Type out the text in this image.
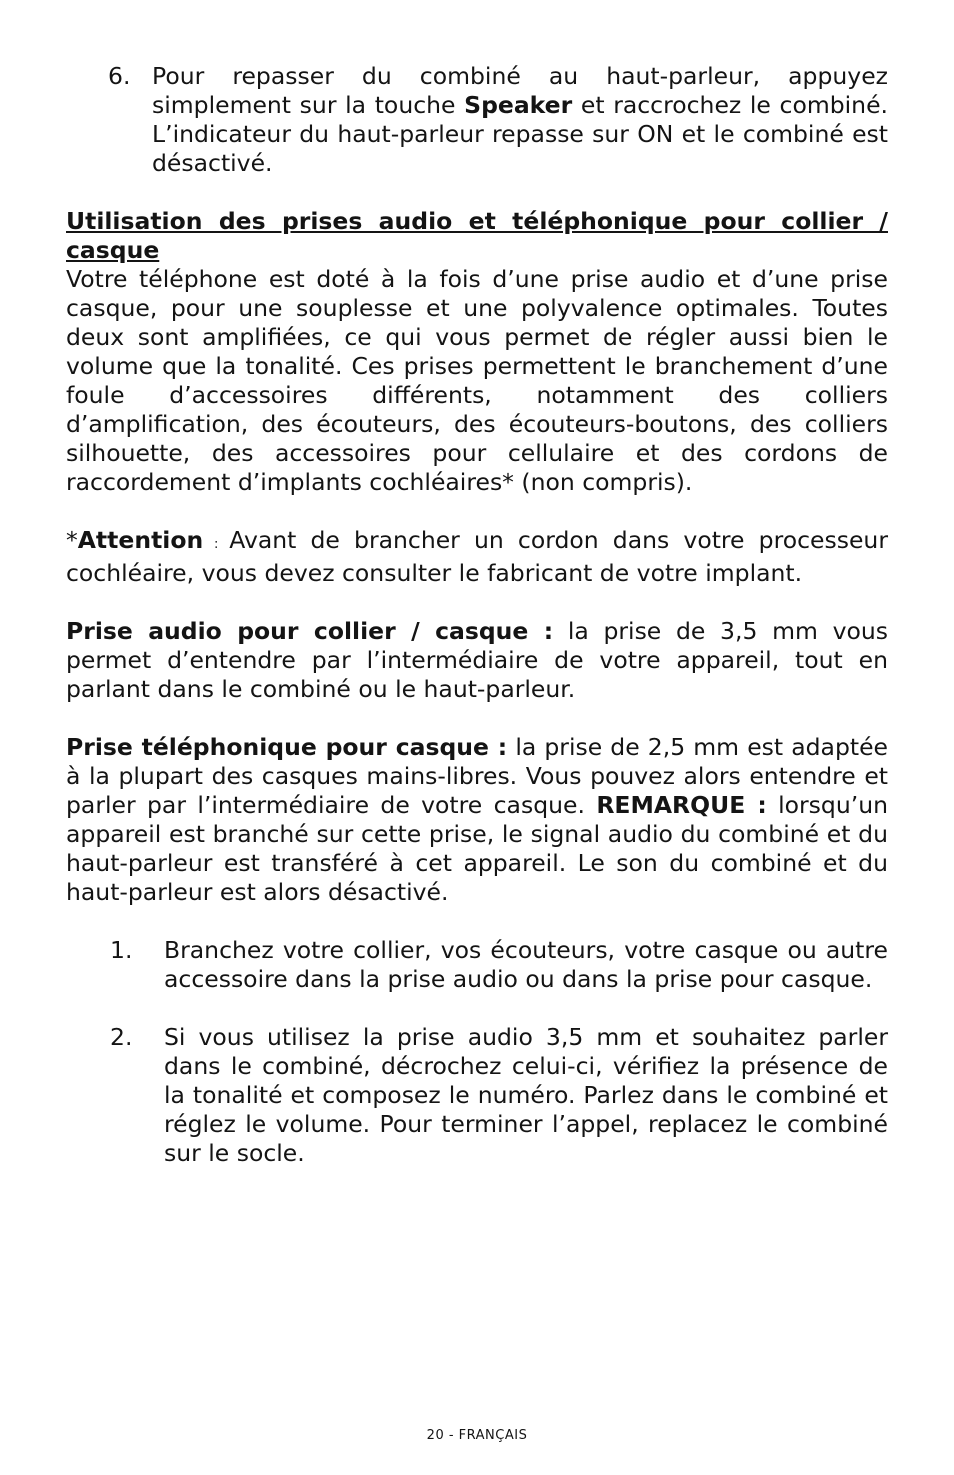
6. Pour repasser du combiné au haut-parleur, appuyez simplement sur la touche Speaker et raccrochez le combiné. L’indicateur du haut-parleur repasse sur ON et le combiné est désactivé.
Utilisation des prises audio et téléphonique pour collier / casque

Votre téléphone est doté à la fois d’une prise audio et d’une prise casque, pour une souplesse et une polyvalence optimales. Toutes deux sont amplifiées, ce qui vous permet de régler aussi bien le volume que la tonalité. Ces prises permettent le branchement d’une foule d’accessoires différents, notamment des colliers d’amplification, des écouteurs, des écouteurs-boutons, des colliers silhouette, des accessoires pour cellulaire et des cordons de raccordement d’implants cochléaires* (non compris).

*Attention : Avant de brancher un cordon dans votre processeur cochléaire, vous devez consulter le fabricant de votre implant.

Prise audio pour collier / casque : la prise de 3,5 mm vous permet d’entendre par l’intermédiaire de votre appareil, tout en parlant dans le combiné ou le haut-parleur.

Prise téléphonique pour casque : la prise de 2,5 mm est adaptée à la plupart des casques mains-libres. Vous pouvez alors entendre et parler par l’intermédiaire de votre casque. REMARQUE : lorsqu’un appareil est branché sur cette prise, le signal audio du combiné et du haut-parleur est transféré à cet appareil. Le son du combiné et du haut-parleur est alors désactivé.

1. Branchez votre collier, vos écouteurs, votre casque ou autre accessoire dans la prise audio ou dans la prise pour casque.
2. Si vous utilisez la prise audio 3,5 mm et souhaitez parler dans le combiné, décrochez celui-ci, vérifiez la présence de la tonalité et composez le numéro. Parlez dans le combiné et réglez le volume. Pour terminer l’appel, replacez le combiné sur le socle.
20 - FRANÇAIS
